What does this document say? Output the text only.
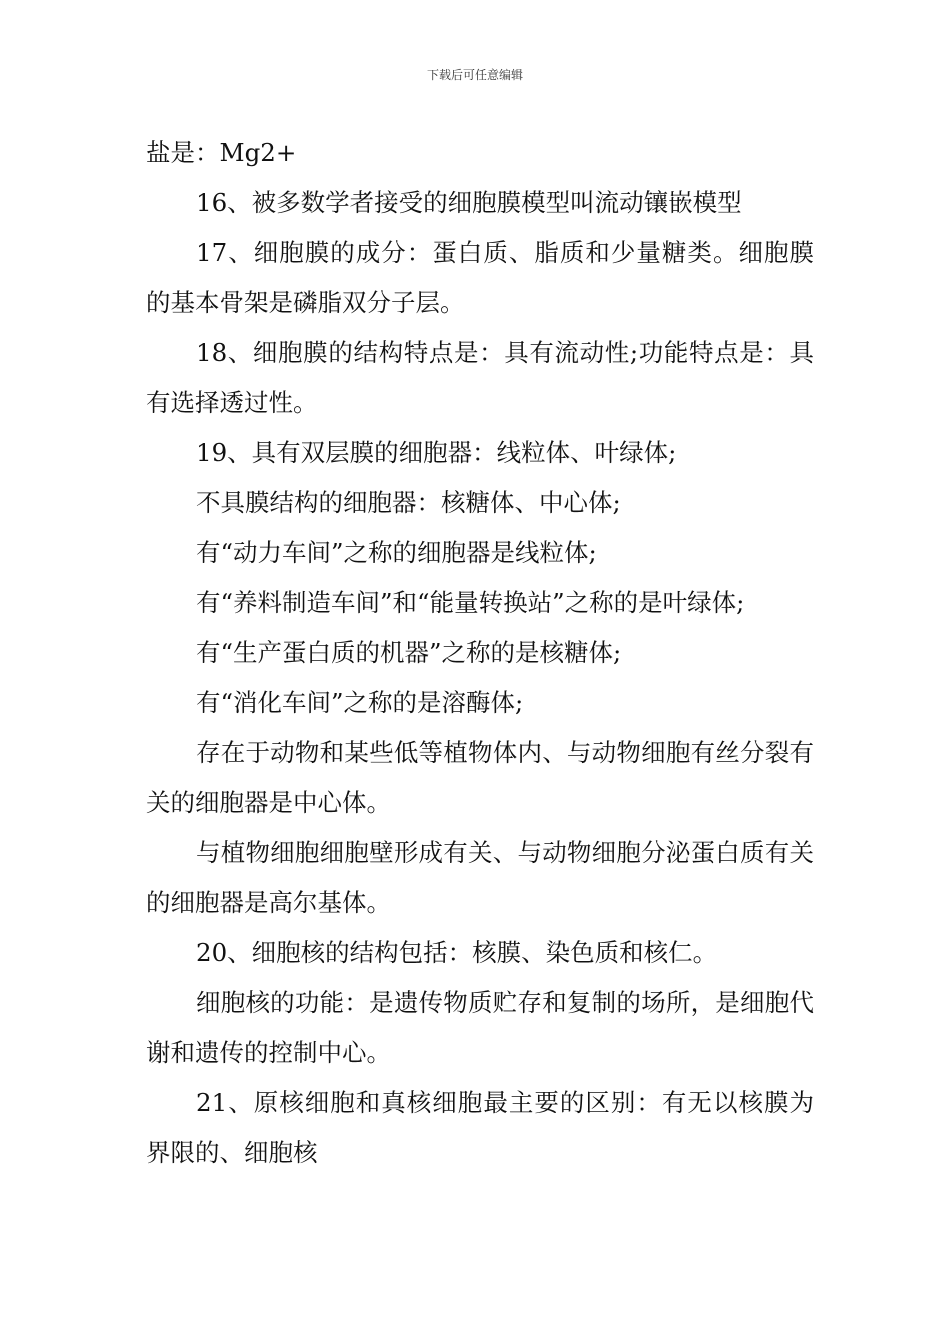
下载后可任意编辑

盐是：Mg2+

16、被多数学者接受的细胞膜模型叫流动镶嵌模型

17、细胞膜的成分：蛋白质、脂质和少量糖类。细胞膜的基本骨架是磷脂双分子层。

18、细胞膜的结构特点是：具有流动性;功能特点是：具有选择透过性。

19、具有双层膜的细胞器：线粒体、叶绿体;

不具膜结构的细胞器：核糖体、中心体;

有“动力车间”之称的细胞器是线粒体;

有“养料制造车间”和“能量转换站”之称的是叶绿体;

有“生产蛋白质的机器”之称的是核糖体;

有“消化车间”之称的是溶酶体;

存在于动物和某些低等植物体内、与动物细胞有丝分裂有关的细胞器是中心体。

与植物细胞细胞壁形成有关、与动物细胞分泌蛋白质有关的细胞器是高尔基体。

20、细胞核的结构包括：核膜、染色质和核仁。

细胞核的功能：是遗传物质贮存和复制的场所，是细胞代谢和遗传的控制中心。

21、原核细胞和真核细胞最主要的区别：有无以核膜为界限的、细胞核
